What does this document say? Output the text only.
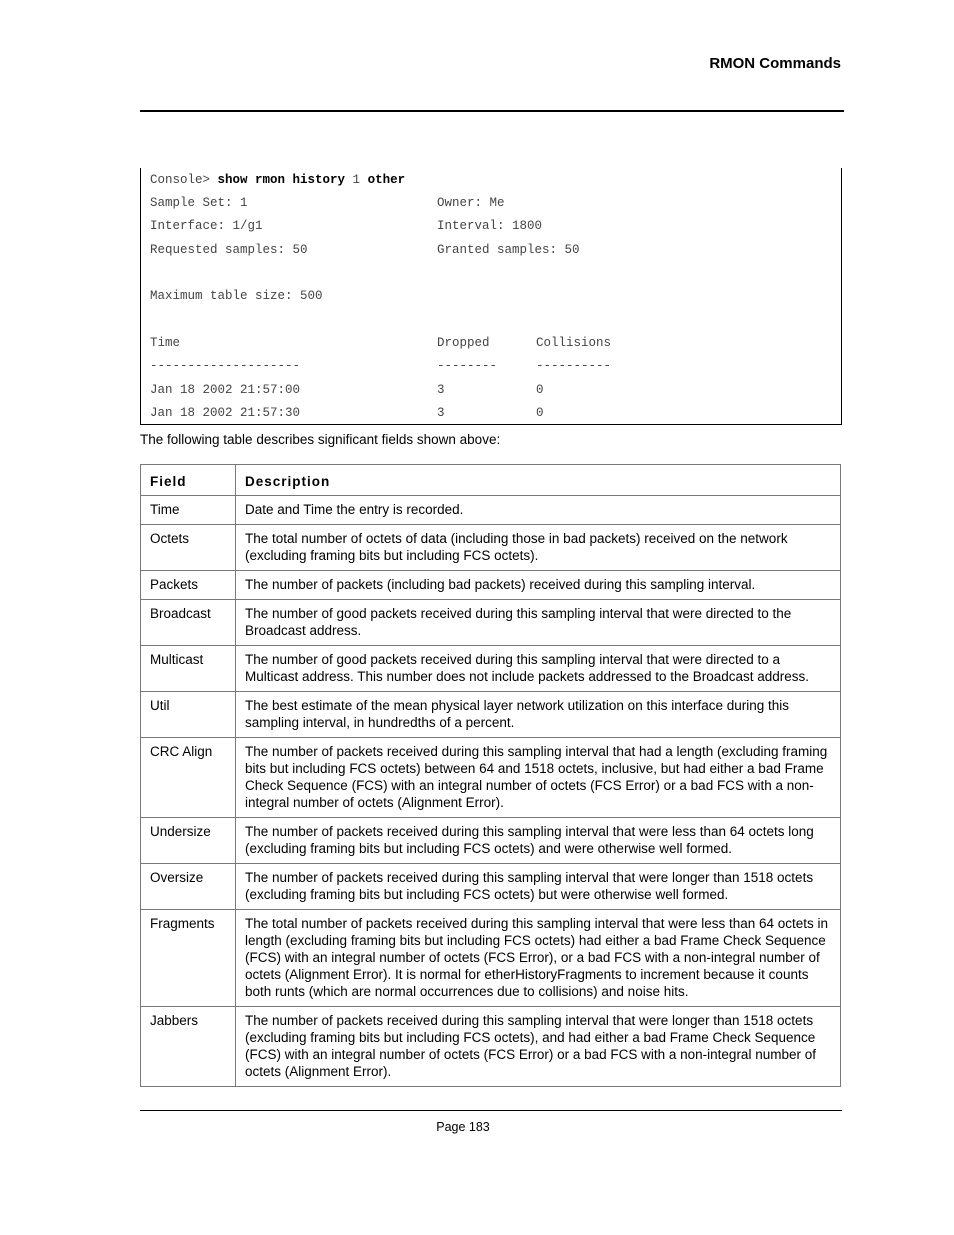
RMON Commands
Console> show rmon history 1 other
Sample Set: 1	Owner: Me
Interface: 1/g1	Interval: 1800
Requested samples: 50	Granted samples: 50
Maximum table size: 500
Time	Dropped	Collisions
--------------------	--------	----------
Jan 18 2002 21:57:00	3	0
Jan 18 2002 21:57:30	3	0
The following table describes significant fields shown above:
Field	Description
Time	Date and Time the entry is recorded.
Octets	The total number of octets of data (including those in bad packets) received on the network (excluding framing bits but including FCS octets).
Packets	The number of packets (including bad packets) received during this sampling interval.
Broadcast	The number of good packets received during this sampling interval that were directed to the Broadcast address.
Multicast	The number of good packets received during this sampling interval that were directed to a Multicast address. This number does not include packets addressed to the Broadcast address.
Util	The best estimate of the mean physical layer network utilization on this interface during this sampling interval, in hundredths of a percent.
CRC Align	The number of packets received during this sampling interval that had a length (excluding framing bits but including FCS octets) between 64 and 1518 octets, inclusive, but had either a bad Frame Check Sequence (FCS) with an integral number of octets (FCS Error) or a bad FCS with a non-integral number of octets (Alignment Error).
Undersize	The number of packets received during this sampling interval that were less than 64 octets long (excluding framing bits but including FCS octets) and were otherwise well formed.
Oversize	The number of packets received during this sampling interval that were longer than 1518 octets (excluding framing bits but including FCS octets) but were otherwise well formed.
Fragments	The total number of packets received during this sampling interval that were less than 64 octets in length (excluding framing bits but including FCS octets) had either a bad Frame Check Sequence (FCS) with an integral number of octets (FCS Error), or a bad FCS with a non-integral number of octets (Alignment Error). It is normal for etherHistoryFragments to increment because it counts both runts (which are normal occurrences due to collisions) and noise hits.
Jabbers	The number of packets received during this sampling interval that were longer than 1518 octets (excluding framing bits but including FCS octets), and had either a bad Frame Check Sequence (FCS) with an integral number of octets (FCS Error) or a bad FCS with a non-integral number of octets (Alignment Error).
Page 183
